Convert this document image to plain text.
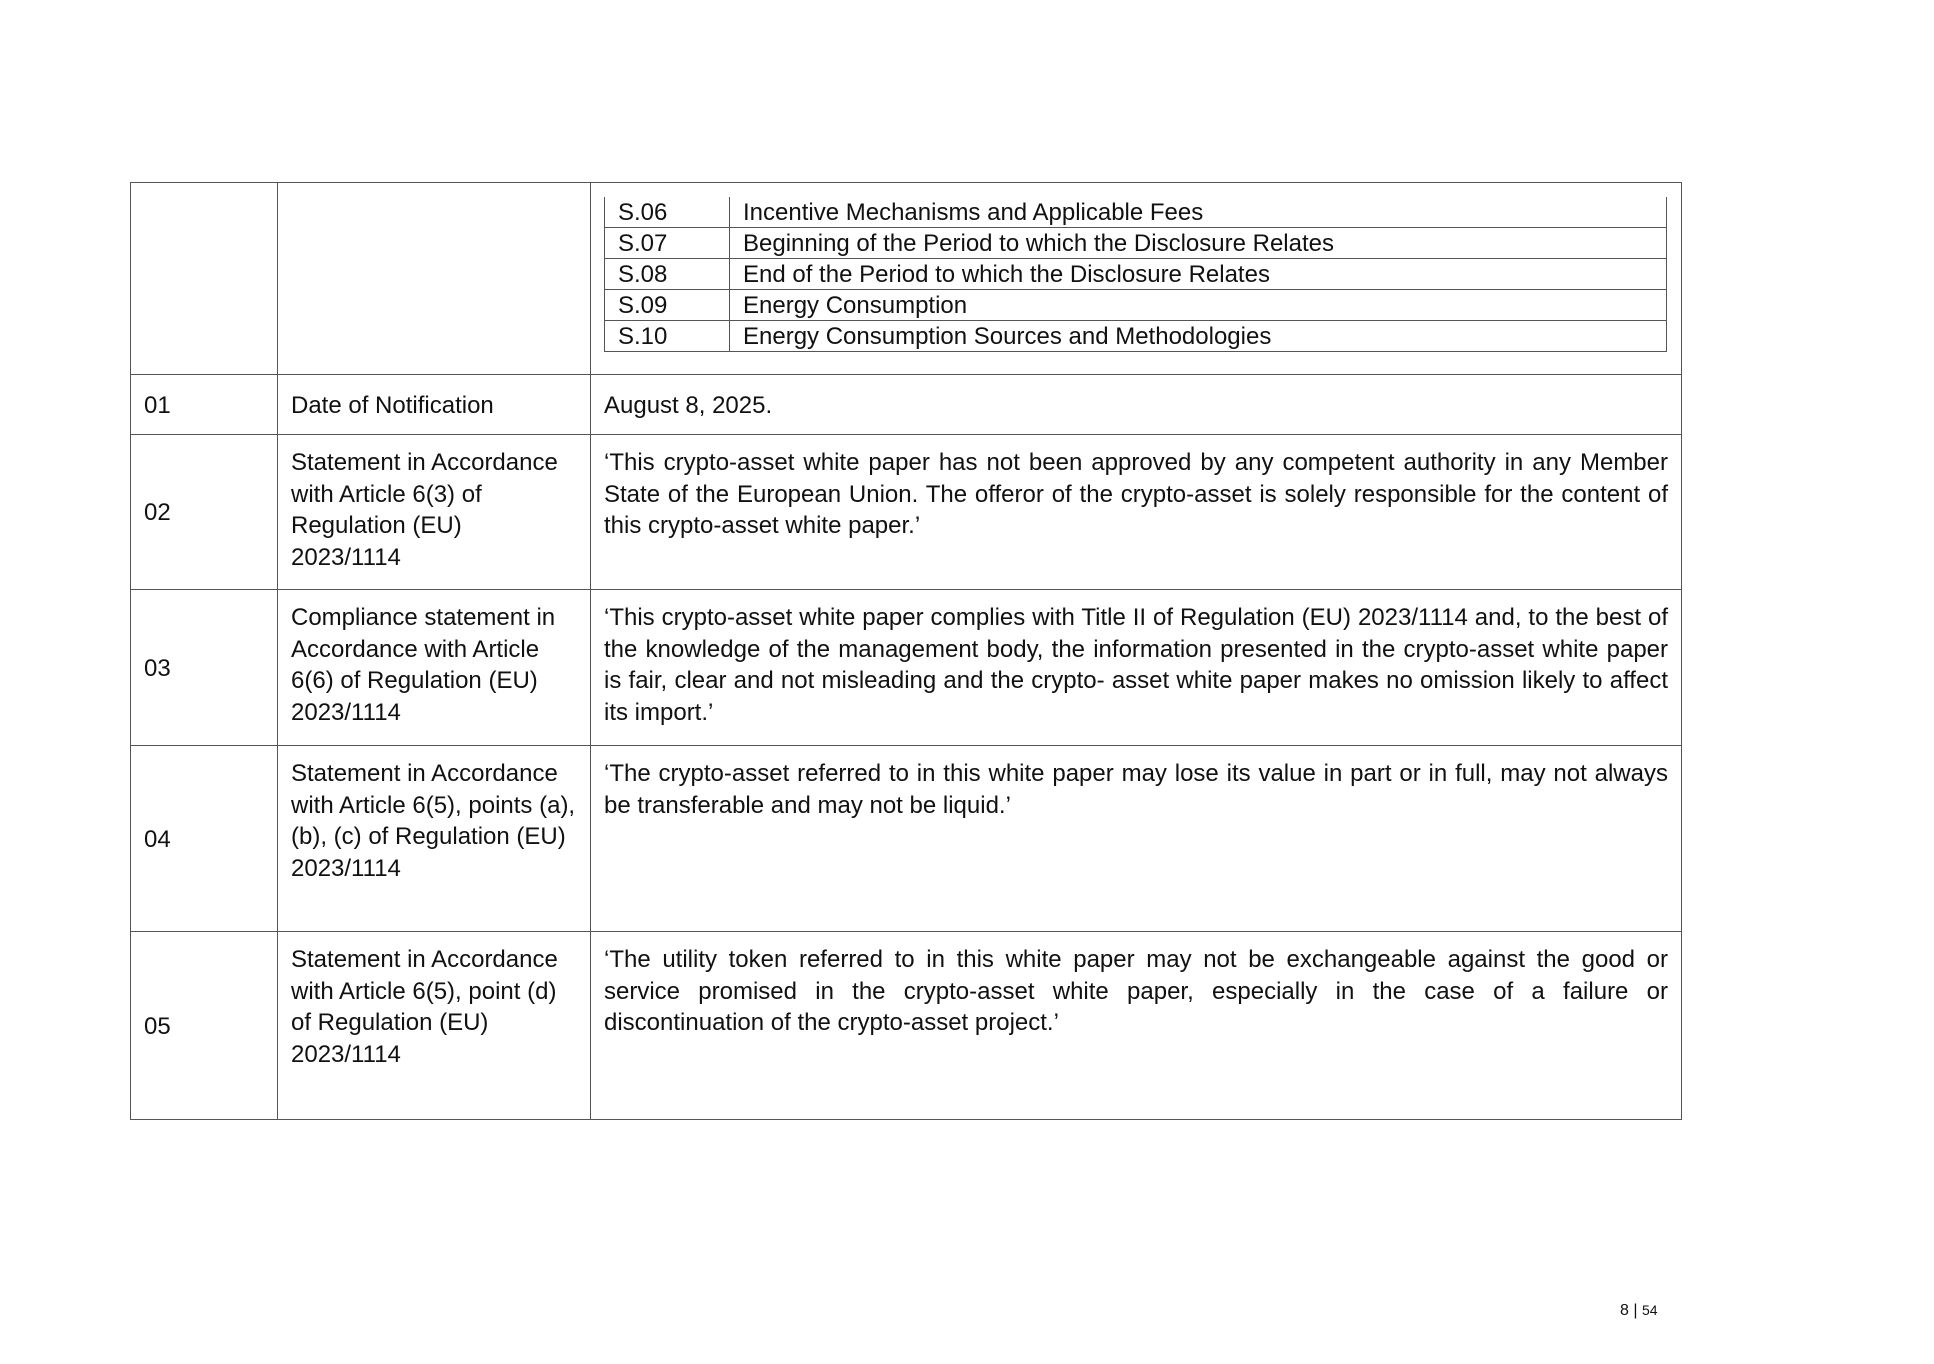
S.06	Incentive Mechanisms and Applicable Fees
S.07	Beginning of the Period to which the Disclosure Relates
S.08	End of the Period to which the Disclosure Relates
S.09	Energy Consumption
S.10	Energy Consumption Sources and Methodologies

01	Date of Notification	August 8, 2025.
02	Statement in Accordance with Article 6(3) of Regulation (EU) 2023/1114	‘This crypto-asset white paper has not been approved by any competent authority in any Member State of the European Union. The offeror of the crypto-asset is solely responsible for the content of this crypto-asset white paper.’
03	Compliance statement in Accordance with Article 6(6) of Regulation (EU) 2023/1114	‘This crypto-asset white paper complies with Title II of Regulation (EU) 2023/1114 and, to the best of the knowledge of the management body, the information presented in the crypto-asset white paper is fair, clear and not misleading and the crypto- asset white paper makes no omission likely to affect its import.’
04	Statement in Accordance with Article 6(5), points (a), (b), (c) of Regulation (EU) 2023/1114	‘The crypto-asset referred to in this white paper may lose its value in part or in full, may not always be transferable and may not be liquid.’
05	Statement in Accordance with Article 6(5), point (d) of Regulation (EU) 2023/1114	‘The utility token referred to in this white paper may not be exchangeable against the good or service promised in the crypto-asset white paper, especially in the case of a failure or discontinuation of the crypto-asset project.’
8 | 54
